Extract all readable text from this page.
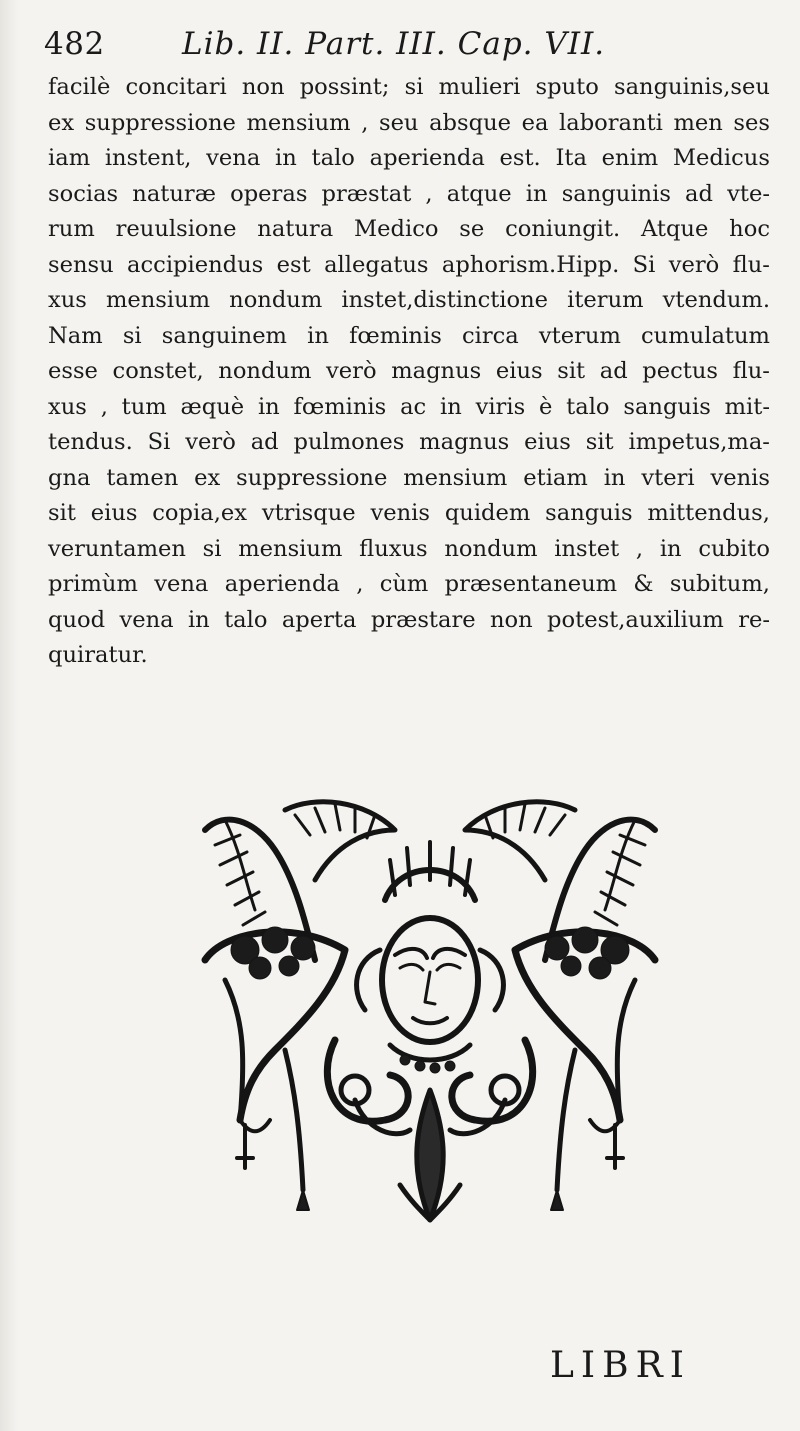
482 Lib. II. Part. III. Cap. VII.
facilè concitari non possint; si mulieri sputo sanguinis,seu
ex suppressione mensium , seu absque ea laboranti men ses
iam instent, vena in talo aperienda est. Ita enim Medicus
socias naturæ operas præstat , atque in sanguinis ad vte-
rum reuulsione natura Medico se coniungit. Atque hoc
sensu accipiendus est allegatus aphorism.Hipp. Si verò flu-
xus mensium nondum instet,distinctione iterum vtendum.
Nam si sanguinem in fœminis circa vterum cumulatum
esse constet, nondum verò magnus eius sit ad pectus flu-
xus , tum æquè in fœminis ac in viris è talo sanguis mit-
tendus. Si verò ad pulmones magnus eius sit impetus,ma-
gna tamen ex suppressione mensium etiam in vteri venis
sit eius copia,ex vtrisque venis quidem sanguis mittendus,
veruntamen si mensium fluxus nondum instet , in cubito
primùm vena aperienda , cùm præsentaneum & subitum,
quod vena in talo aperta præstare non potest,auxilium re-
quiratur.
LIBRI
